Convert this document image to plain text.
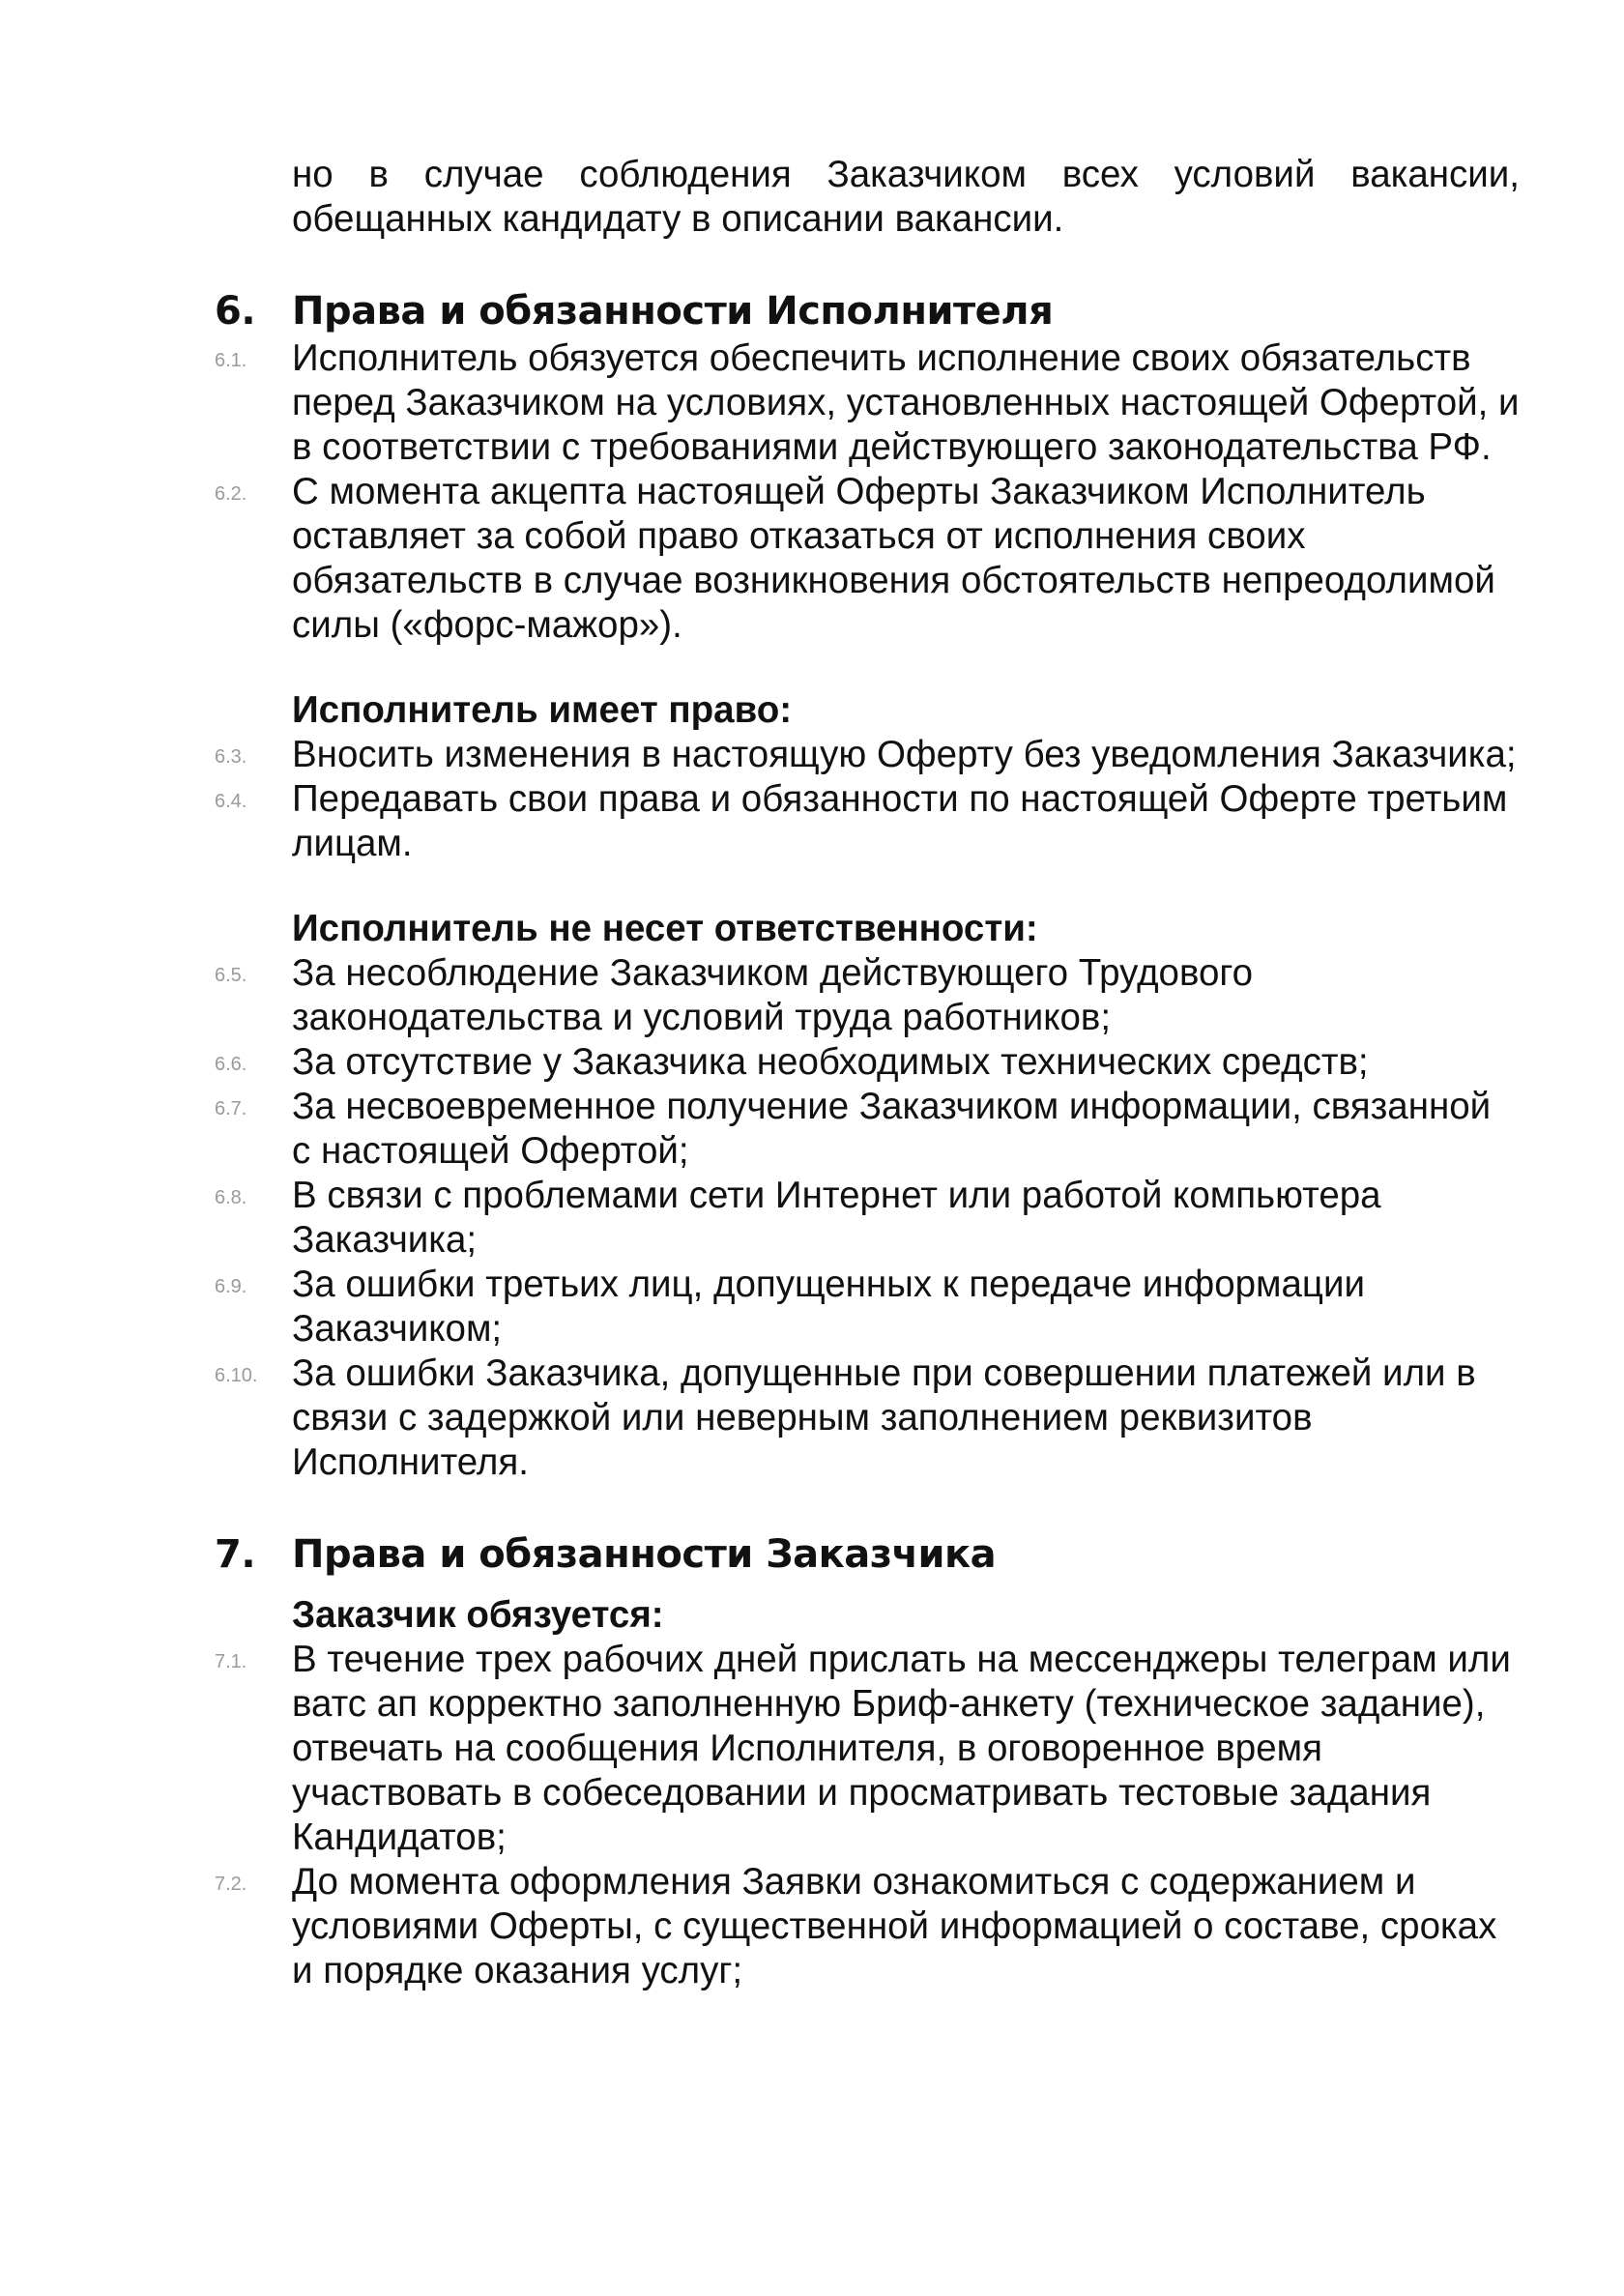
но в случае соблюдения Заказчиком всех условий вакансии, обещанных кандидату в описании вакансии.
6. Права и обязанности Исполнителя
6.1. Исполнитель обязуется обеспечить исполнение своих обязательств перед Заказчиком на условиях, установленных настоящей Офертой, и в соответствии с требованиями действующего законодательства РФ.
6.2. С момента акцепта настоящей Оферты Заказчиком Исполнитель оставляет за собой право отказаться от исполнения своих обязательств в случае возникновения обстоятельств непреодолимой силы («форс-мажор»).
Исполнитель имеет право:
6.3. Вносить изменения в настоящую Оферту без уведомления Заказчика;
6.4. Передавать свои права и обязанности по настоящей Оферте третьим лицам.
Исполнитель не несет ответственности:
6.5. За несоблюдение Заказчиком действующего Трудового законодательства и условий труда работников;
6.6. За отсутствие у Заказчика необходимых технических средств;
6.7. За несвоевременное получение Заказчиком информации, связанной с настоящей Офертой;
6.8. В связи с проблемами сети Интернет или работой компьютера Заказчика;
6.9. За ошибки третьих лиц, допущенных к передаче информации Заказчиком;
6.10. За ошибки Заказчика, допущенные при совершении платежей или в связи с задержкой или неверным заполнением реквизитов Исполнителя.
7. Права и обязанности Заказчика
Заказчик обязуется:
7.1. В течение трех рабочих дней прислать на мессенджеры телеграм или ватс ап корректно заполненную Бриф-анкету (техническое задание), отвечать на сообщения Исполнителя, в оговоренное время участвовать в собеседовании и просматривать тестовые задания Кандидатов;
7.2. До момента оформления Заявки ознакомиться с содержанием и условиями Оферты, с существенной информацией о составе, сроках и порядке оказания услуг;
